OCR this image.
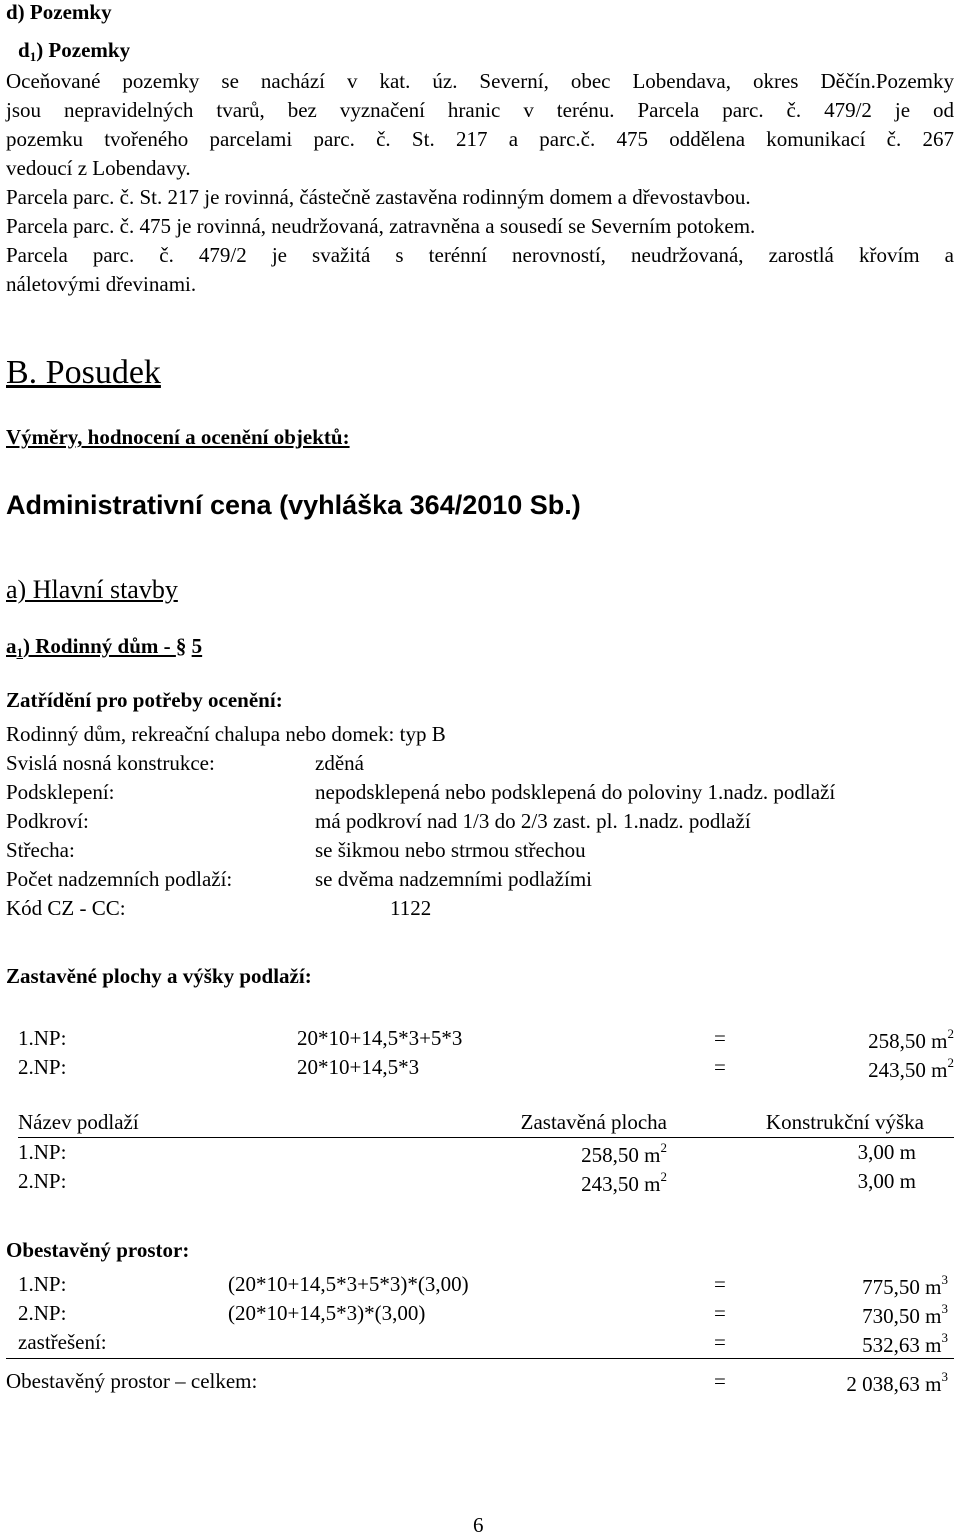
d) Pozemky
$d_1$) Pozemky
Oceňované pozemky se nachází v kat. úz. Severní, obec Lobendava, okres Děčín.Pozemky
jsou nepravidelných tvarů, bez vyznačení hranic v terénu. Parcela parc. č. 479/2 je od
pozemku tvořeného parcelami parc. č. St. 217 a parc.č. 475 oddělena komunikací č. 267
vedoucí z Lobendavy.
Parcela parc. č. St. 217 je rovinná, částečně zastavěna rodinným domem a dřevostavbou.
Parcela parc. č. 475 je rovinná, neudržovaná, zatravněna a sousedí se Severním potokem.
Parcela parc. č. 479/2 je svažitá s terénní nerovností, neudržovaná, zarostlá křovím a
náletovými dřevinami.
B. Posudek
Výměry, hodnocení a ocenění objektů:
Administrativní cena (vyhláška 364/2010 Sb.)
a) Hlavní stavby
$a_1$) Rodinný dům - § 5
Zatřídění pro potřeby ocenění:
Rodinný dům, rekreační chalupa nebo domek: typ B
Svislá nosná konstrukce:	zděná
Podsklepení:	nepodsklepená nebo podsklepená do poloviny 1.nadz. podlaží
Podkroví:	má podkroví nad 1/3 do 2/3 zast. pl. 1.nadz. podlaží
Střecha:	se šikmou nebo strmou střechou
Počet nadzemních podlaží:	se dvěma nadzemními podlažími
Kód CZ - CC:	1122
Zastavěné plochy a výšky podlaží:
1.NP:	20*10+14,5*3+5*3	=	258,50 $m^2$
2.NP:	20*10+14,5*3	=	243,50 $m^2$
Název podlaží	Zastavěná plocha	Konstrukční výška
1.NP:	258,50 $m^2$	3,00 m
2.NP:	243,50 $m^2$	3,00 m
Obestavěný prostor:
1.NP:	(20*10+14,5*3+5*3)*(3,00)	=	775,50 $m^3$
2.NP:	(20*10+14,5*3)*(3,00)	=	730,50 $m^3$
zastřešení:	=	532,63 $m^3$
Obestavěný prostor – celkem:	=	2 038,63 $m^3$
6
